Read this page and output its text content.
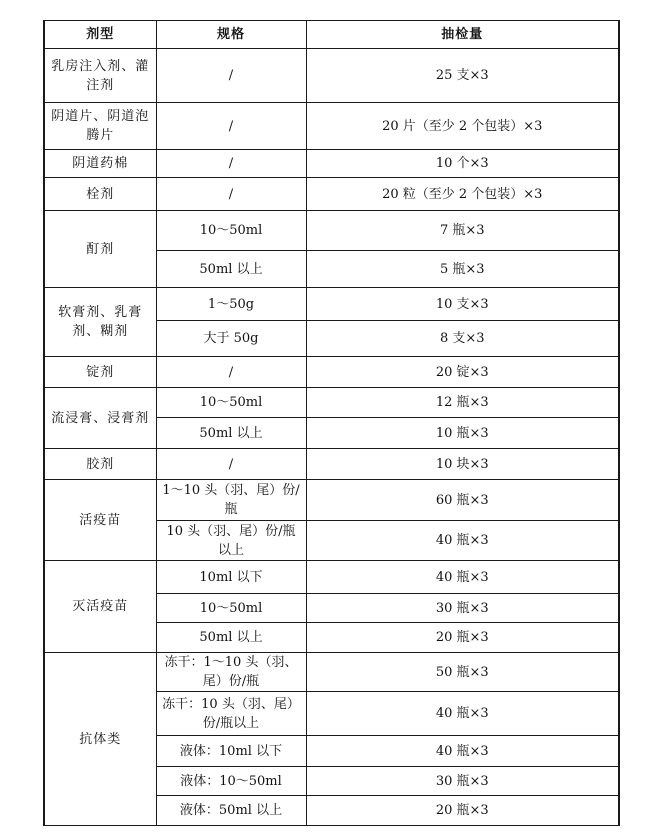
剂型	规格	抽检量
乳房注入剂、灌注剂	/	25 支×3
阴道片、阴道泡腾片	/	20 片（至少 2 个包装）×3
阴道药棉	/	10 个×3
栓剂	/	20 粒（至少 2 个包装）×3
酊剂	10～50ml	7 瓶×3
	50ml 以上	5 瓶×3
软膏剂、乳膏剂、糊剂	1～50g	10 支×3
	大于 50g	8 支×3
锭剂	/	20 锭×3
流浸膏、浸膏剂	10～50ml	12 瓶×3
	50ml 以上	10 瓶×3
胶剂	/	10 块×3
活疫苗	1～10 头（羽、尾）份/瓶	60 瓶×3
	10 头（羽、尾）份/瓶以上	40 瓶×3
灭活疫苗	10ml 以下	40 瓶×3
	10～50ml	30 瓶×3
	50ml 以上	20 瓶×3
抗体类	冻干：1～10 头（羽、尾）份/瓶	50 瓶×3
	冻干：10 头（羽、尾）份/瓶以上	40 瓶×3
	液体：10ml 以下	40 瓶×3
	液体：10～50ml	30 瓶×3
	液体：50ml 以上	20 瓶×3
